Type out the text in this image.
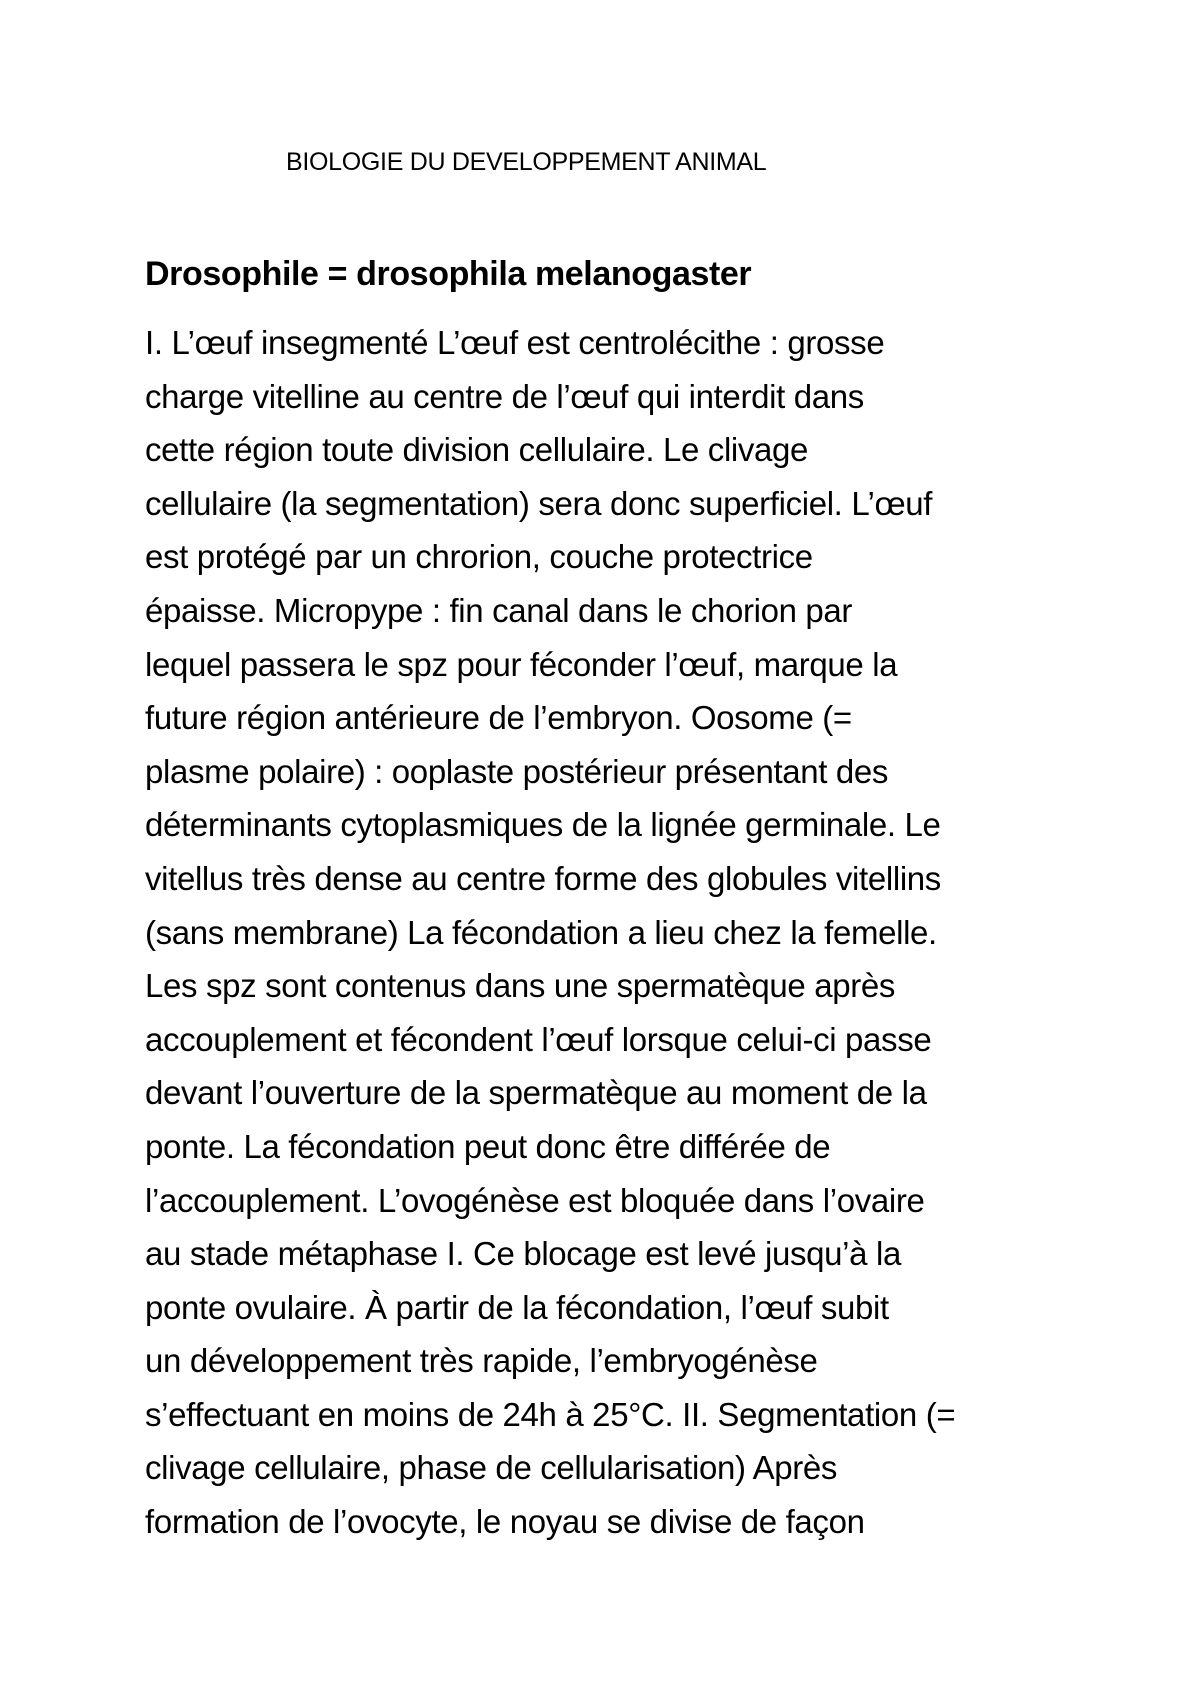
BIOLOGIE DU DEVELOPPEMENT ANIMAL
Drosophile = drosophila melanogaster
I. L’œuf insegmenté L’œuf est centrolécithe : grosse
charge vitelline au centre de l’œuf qui interdit dans
cette région toute division cellulaire. Le clivage
cellulaire (la segmentation) sera donc superficiel. L’œuf
est protégé par un chrorion, couche protectrice
épaisse. Micropype : fin canal dans le chorion par
lequel passera le spz pour féconder l’œuf, marque la
future région antérieure de l’embryon. Oosome (=
plasme polaire) : ooplaste postérieur présentant des
déterminants cytoplasmiques de la lignée germinale. Le
vitellus très dense au centre forme des globules vitellins
(sans membrane) La fécondation a lieu chez la femelle.
Les spz sont contenus dans une spermatèque après
accouplement et fécondent l’œuf lorsque celui-ci passe
devant l’ouverture de la spermatèque au moment de la
ponte. La fécondation peut donc être différée de
l’accouplement. L’ovogénèse est bloquée dans l’ovaire
au stade métaphase I. Ce blocage est levé jusqu’à la
ponte ovulaire. À partir de la fécondation, l’œuf subit
un développement très rapide, l’embryogénèse
s’effectuant en moins de 24h à 25°C. II. Segmentation (=
clivage cellulaire, phase de cellularisation) Après
formation de l’ovocyte, le noyau se divise de façon
